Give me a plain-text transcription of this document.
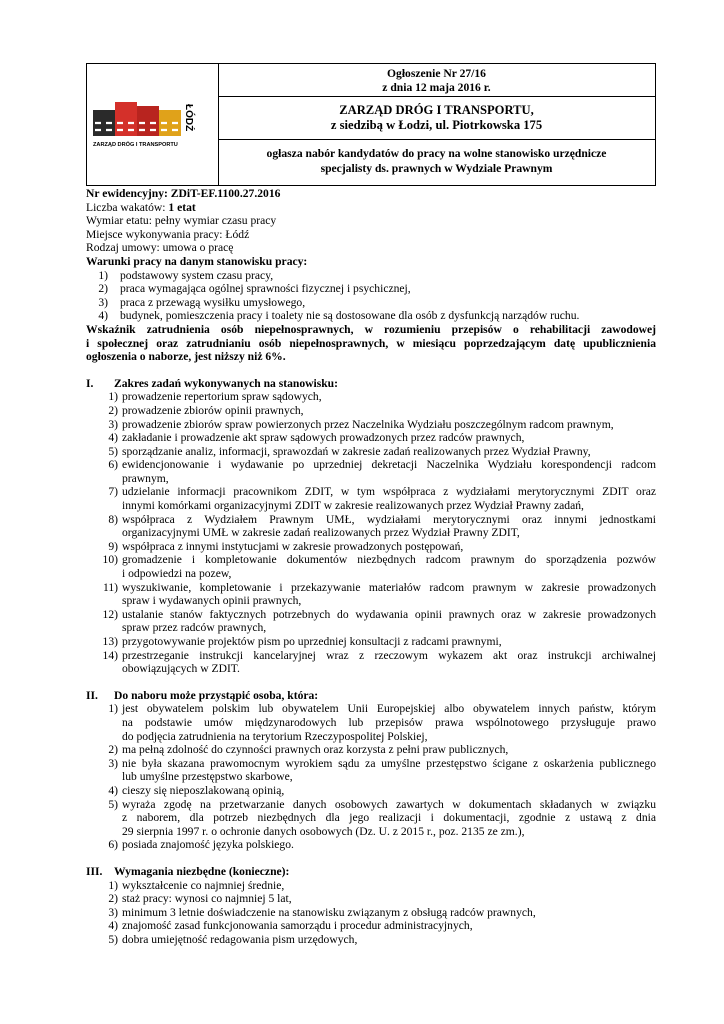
ZARZĄD DRÓG I TRANSPORTU
ŁÓDŹ
Ogłoszenie Nr 27/16
z dnia 12 maja 2016 r.
ZARZĄD DRÓG I TRANSPORTU,
z siedzibą w Łodzi, ul. Piotrkowska 175
ogłasza nabór kandydatów do pracy na wolne stanowisko urzędnicze
specjalisty ds. prawnych w Wydziale Prawnym
Nr ewidencyjny: ZDiT-EF.1100.27.2016
Liczba wakatów: 1 etat
Wymiar etatu: pełny wymiar czasu pracy
Miejsce wykonywania pracy: Łódź
Rodzaj umowy: umowa o pracę
Warunki pracy na danym stanowisku pracy:
1) podstawowy system czasu pracy,
2) praca wymagająca ogólnej sprawności fizycznej i psychicznej,
3) praca z przewagą wysiłku umysłowego,
4) budynek, pomieszczenia pracy i toalety nie są dostosowane dla osób z dysfunkcją narządów ruchu.
Wskaźnik zatrudnienia osób niepełnosprawnych, w rozumieniu przepisów o rehabilitacji zawodowej
i społecznej oraz zatrudnianiu osób niepełnosprawnych, w miesiącu poprzedzającym datę upublicznienia
ogłoszenia o naborze, jest niższy niż 6%.
I. Zakres zadań wykonywanych na stanowisku:
1) prowadzenie repertorium spraw sądowych,
2) prowadzenie zbiorów opinii prawnych,
3) prowadzenie zbiorów spraw powierzonych przez Naczelnika Wydziału poszczególnym radcom prawnym,
4) zakładanie i prowadzenie akt spraw sądowych prowadzonych przez radców prawnych,
5) sporządzanie analiz, informacji, sprawozdań w zakresie zadań realizowanych przez Wydział Prawny,
6) ewidencjonowanie i wydawanie po uprzedniej dekretacji Naczelnika Wydziału korespondencji radcom
prawnym,
7) udzielanie informacji pracownikom ZDIT, w tym współpraca z wydziałami merytorycznymi ZDIT oraz
innymi komórkami organizacyjnymi ZDIT w zakresie realizowanych przez Wydział Prawny zadań,
8) współpraca z Wydziałem Prawnym UMŁ, wydziałami merytorycznymi oraz innymi jednostkami
organizacyjnymi UMŁ w zakresie zadań realizowanych przez Wydział Prawny ZDIT,
9) współpraca z innymi instytucjami w zakresie prowadzonych postępowań,
10) gromadzenie i kompletowanie dokumentów niezbędnych radcom prawnym do sporządzenia pozwów
i odpowiedzi na pozew,
11) wyszukiwanie, kompletowanie i przekazywanie materiałów radcom prawnym w zakresie prowadzonych
spraw i wydawanych opinii prawnych,
12) ustalanie stanów faktycznych potrzebnych do wydawania opinii prawnych oraz w zakresie prowadzonych
spraw przez radców prawnych,
13) przygotowywanie projektów pism po uprzedniej konsultacji z radcami prawnymi,
14) przestrzeganie instrukcji kancelaryjnej wraz z rzeczowym wykazem akt oraz instrukcji archiwalnej
obowiązujących w ZDIT.
II. Do naboru może przystąpić osoba, która:
1) jest obywatelem polskim lub obywatelem Unii Europejskiej albo obywatelem innych państw, którym
na podstawie umów międzynarodowych lub przepisów prawa wspólnotowego przysługuje prawo
do podjęcia zatrudnienia na terytorium Rzeczypospolitej Polskiej,
2) ma pełną zdolność do czynności prawnych oraz korzysta z pełni praw publicznych,
3) nie była skazana prawomocnym wyrokiem sądu za umyślne przestępstwo ścigane z oskarżenia publicznego
lub umyślne przestępstwo skarbowe,
4) cieszy się nieposzlakowaną opinią,
5) wyraża zgodę na przetwarzanie danych osobowych zawartych w dokumentach składanych w związku
z naborem, dla potrzeb niezbędnych dla jego realizacji i dokumentacji, zgodnie z ustawą z dnia
29 sierpnia 1997 r. o ochronie danych osobowych (Dz. U. z 2015 r., poz. 2135 ze zm.),
6) posiada znajomość języka polskiego.
III. Wymagania niezbędne (konieczne):
1) wykształcenie co najmniej średnie,
2) staż pracy: wynosi co najmniej 5 lat,
3) minimum 3 letnie doświadczenie na stanowisku związanym z obsługą radców prawnych,
4) znajomość zasad funkcjonowania samorządu i procedur administracyjnych,
5) dobra umiejętność redagowania pism urzędowych,
